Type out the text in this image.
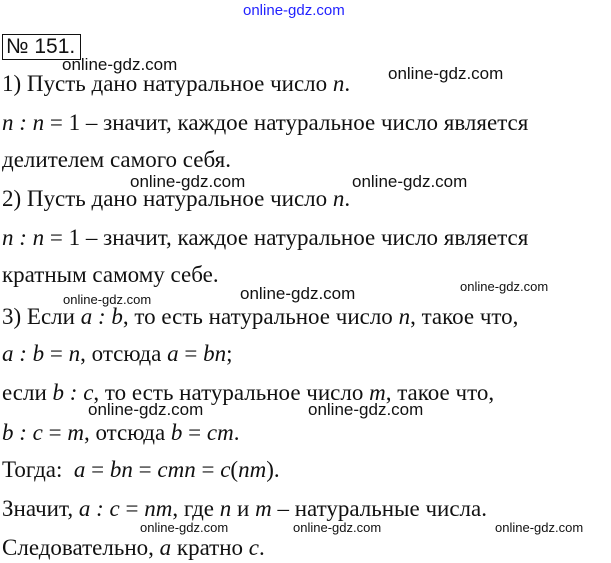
online-gdz.com
№ 151.
1) Пусть дано натуральное число n.
n : n = 1 – значит, каждое натуральное число является
делителем самого себя.
2) Пусть дано натуральное число n.
n : n = 1 – значит, каждое натуральное число является
кратным самому себе.
3) Если a : b, то есть натуральное число n, такое что,
a : b = n, отсюда a = bn;
если b : c, то есть натуральное число m, такое что,
b : c = m, отсюда b = cm.
Тогда:  a = bn = cmn = c(nm).
Значит, a : c = nm, где n и m – натуральные числа.
Следовательно, a кратно c.
online-gdz.com	online-gdz.com
online-gdz.com	online-gdz.com
online-gdz.com	online-gdz.com
online-gdz.com
online-gdz.com	online-gdz.com
online-gdz.com	online-gdz.com	online-gdz.com
